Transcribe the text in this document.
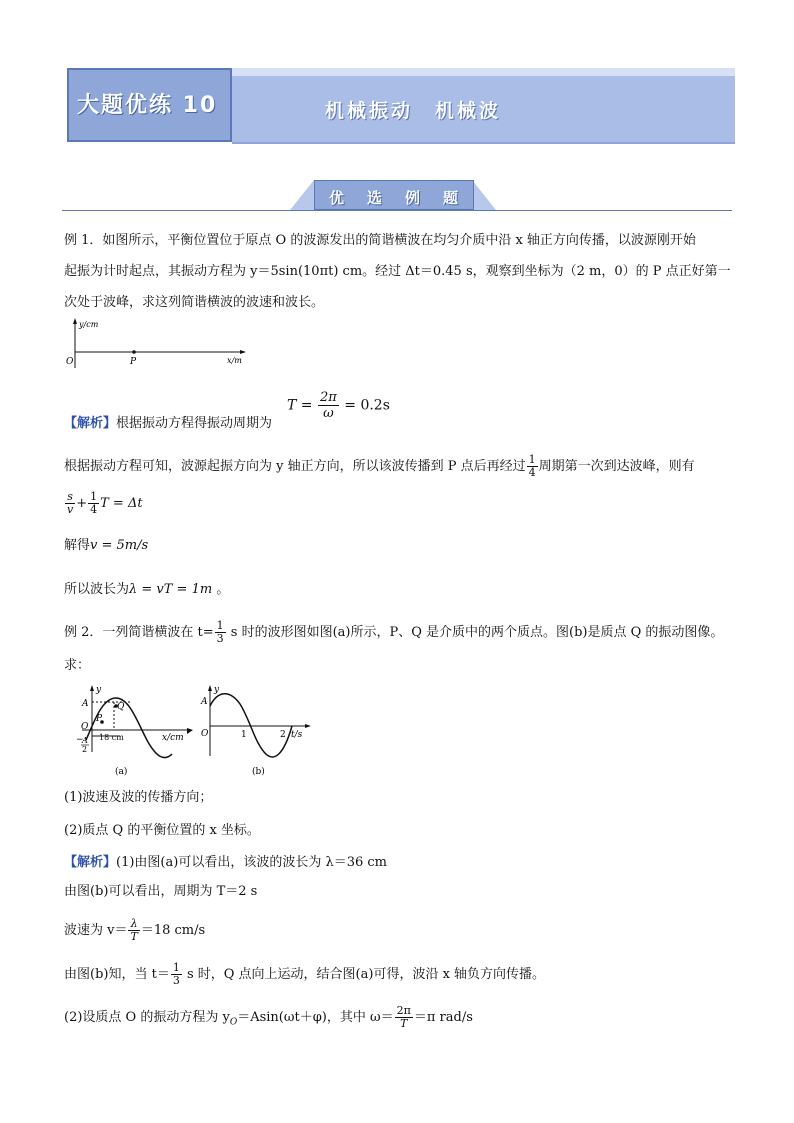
大题优练 10	机械振动　机械波
优 选 例 题
例 1．如图所示，平衡位置位于原点 O 的波源发出的简谐横波在均匀介质中沿 x 轴正方向传播，以波源刚开始
起振为计时起点，其振动方程为 y＝5sin(10πt) cm。经过 Δt＝0.45 s，观察到坐标为（2 m，0）的 P 点正好第一
次处于波峰，求这列简谐横波的波速和波长。
y/cm
O	P	x/m
$T = \frac{2\pi}{\omega} = 0.2s$
【解析】根据振动方程得振动周期为
根据振动方程可知，波源起振方向为 y 轴正方向，所以该波传播到 P 点后再经过 $\frac{1}{4}$ 周期第一次到达波峰，则有
$\frac{s}{v} + \frac{1}{4}$ T = Δt
解得v = 5m/s
所以波长为λ = vT = 1m 。
例 2．一列简谐横波在 $t= \frac{1}{3}$ s 时的波形图如图(a)所示，P、Q 是介质中的两个质点。图(b)是质点 Q 的振动图像。
求：
y
A	Q
P
O
−
A
2
18 cm	x/cm
(a)
y
A
O	1	2 t/s
(b)
(1)波速及波的传播方向；
(2)质点 Q 的平衡位置的 x 坐标。
【解析】(1)由图(a)可以看出，该波的波长为 λ＝36 cm
由图(b)可以看出，周期为 T＝2 s
波速为 $v= \frac{\lambda}{T} =18$ cm/s
由图(b)知，当 $t= \frac{1}{3}$ s 时，Q 点向上运动，结合图(a)可得，波沿 x 轴负方向传播。
(2)设质点 O 的振动方程为 $y_O=Asin(\omega t+\varphi)$，其中 $\omega= \frac{2\pi}{T} =\pi$ rad/s
